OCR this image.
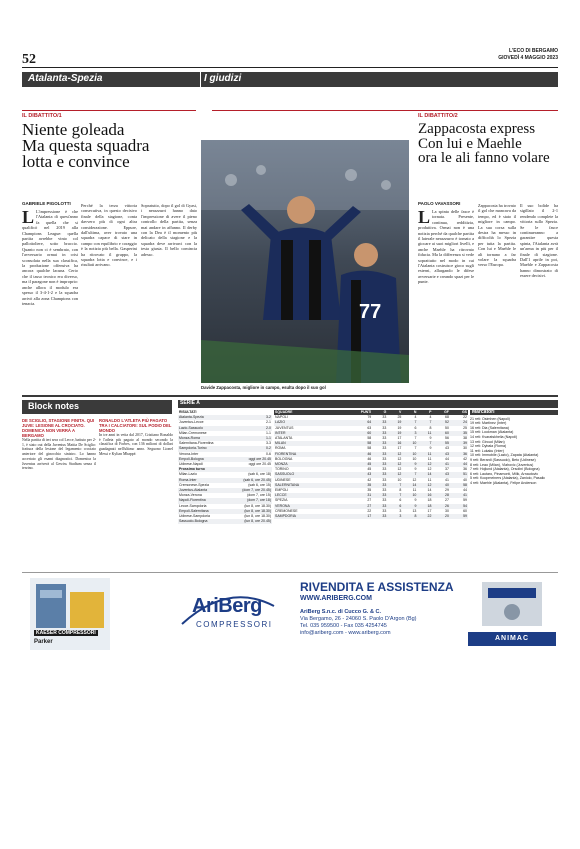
52
L'ECO DI BERGAMO
GIOVEDÌ 4 MAGGIO 2023
Atalanta-Spezia	I giudizi
IL DIBATTITO/1
Niente goleada
Ma questa squadra
lotta e convince
GABRIELE PIGOLOTTI
L L'impressione è che l'Atalanta di quest'anno fa quella che si qualificò nel 2019 alla Champions League: quella partita avrebbe vinto col pallottoliere, sotto braccio. Quanto non ci è sembrato, con l'avversario ormai in crisi sconsolata nella sua classifica, la produzione offensiva ha ancora qualche lacuna. Certo che il tasso tecnico era diverso, ma il paragone non è improprio: anche allora il modulo era spesso il 3-4-1-2 e la squadra arrivò alla zona Champions con tenacia.
Perché la terza vittoria consecutiva, in questo decisivo finale della stagione, conta davvero più di ogni altra considerazione. Eppure, dall'ultima, aver trovato una squadra capace di stare in campo con equilibrio e coraggio è la notizia più bella. Gasperini ha ritrovato il gruppo, la squadra lotta e convince, e i risultati arrivano.
Sopratutto, dopo il gol di Gyasi, i nerazzurri hanno dato l'impressione di avere il pieno controllo della partita, senza mai andare in affanno. Il derby con la Dea è il momento più delicato della stagione e la squadra deve arrivarci con la testa giusta. Il bello comincia adesso.
77
Davide Zappacosta, migliore in campo, esulta dopo il suo gol
IL DIBATTITO/2
Zappacosta express
Con lui e Maehle
ora le ali fanno volare
PAOLO VAVASSORI
L La spinta delle fasce è tornata. Presente, continua, redditizia, produttiva. Ormai non è una notizia perché da qualche partita il laterale nerazzurro è tornato a giocare ai suoi migliori livelli, e anche Maehle ha ritrovato fiducia. Ma la differenza si vede soprattutto nel modo in cui l'Atalanta costruisce gioco sugli esterni, allargando le difese avversarie e creando spazi per le punte.
Zappacosta ha trovato il gol che mancava da tempo, ed è stato il migliore in campo. La sua corsa sulla destra ha messo in difficoltà lo Spezia per tutta la partita. Con lui e Maehle le ali tornano a far volare la squadra verso l'Europa.
Il suo bolide ha sigillato il 2-1 rendendo complete la vittoria sullo Spezia. Se le fasce continueranno a garantire questa spinta, l'Atalanta avrà un'arma in più per il finale di stagione. Dall'1 aprile in poi, Maehle e Zappacosta hanno dimostrato di essere decisivi.
Block notes
DE SCIGLIO, STAGIONE FINITA. QUI JUVE: LESIONE AL CROCIATO. DOMENICA NON VERRÀ A BERGAMO
Nella partita di ieri sera col Lecce, battuto per 2-1, è stato out della Juventus Mattia De Sciglio: frattura della lesione del legamento crociato anteriore del ginocchio sinistro. Lo hanno accertato gli esami diagnostici. Domenica la Juventus arriverà al Gewiss Stadium senza il terzino.
RONALDO L'ATLETA PIÙ PAGATO TRA I CALCIATORI: SUL PODIO DEL MONDO
In tre anni in vetta dal 2017, Cristiano Ronaldo è l'atleta più pagato al mondo secondo la classifica di Forbes, con 136 milioni di dollari guadagnati nell'ultimo anno. Seguono Lionel Messi e Kylian Mbappé.
SERIE A
RISULTATI	
Atalanta-Spezia	3-2
Juventus-Lecce	2-1
Lazio-Sassuolo	2-0
Milan-Cremonese	1-1
Monza-Roma	1-1
Salernitana-Fiorentina	3-3
Sampdoria-Torino	0-2
Verona-Inter	0-6
Empoli-Bologna	oggi ore 20.45
Udinese-Napoli	oggi ore 20.45
Prossimo turno	
Milan-Lazio	(sab 6, ore 18)
Roma-Inter	(sab 6, ore 20.45)
Cremonese-Spezia	(sab 6, ore 15)
Juventus-Atalanta	(dom 7, ore 20.45)
Monza-Verona	(dom 7, ore 15)
Napoli-Fiorentina	(dom 7, ore 18)
Lecce-Sampdoria	(lun 8, ore 18.30)
Empoli-Salernitana	(lun 8, ore 18.30)
Udinese-Sampdoria	(lun 8, ore 18.30)
Sassuolo-Bologna	(lun 8, ore 20.45)
SQUADRE	PUNTI	G	V	N	P	GF	GS
NAPOLI	79	33	25	4	4	68	22
LAZIO	64	33	19	7	7	52	24
JUVENTUS	63	33	19	6	8	50	25
INTER	60	33	19	3	11	60	35
ATALANTA	58	33	17	7	9	56	38
MILAN	58	33	16	10	7	55	39
ROMA	58	33	17	7	9	43	30
FIORENTINA	46	33	12	10	11	43	36
BOLOGNA	46	33	12	10	11	44	42
MONZA	45	33	12	9	12	41	44
TORINO	45	33	12	9	12	37	36
SASSUOLO	43	33	12	7	14	43	51
UDINESE	42	33	10	12	11	41	40
SALERNITANA	35	33	7	14	12	40	58
EMPOLI	35	33	8	11	14	29	44
LECCE	31	33	7	10	16	28	41
SPEZIA	27	33	6	9	18	27	59
VERONA	27	33	6	9	18	26	54
CREMONESE	22	33	3	13	17	30	60
SAMPDORIA	17	33	3	8	22	20	59
Marcatori
21 reti: Osimhen (Napoli)
19 reti: Martinez (Inter)
16 reti: Dia (Salernitana)
15 reti: Lookman (Atalanta)
14 reti: Kvaratskhelia (Napoli)
13 reti: Giroud (Milan)
12 reti: Dybala (Roma)
11 reti: Lukaku (Inter)
10 reti: Immobile (Lazio), Zapata (Atalanta)
9 reti: Berardi (Sassuolo), Beto (Udinese)
8 reti: Leao (Milan), Vlahovic (Juventus)
7 reti: Hojlund (Atalanta), Orsolini (Bologna)
6 reti: Lautaro, Pinamonti, Milik, Arnautovic
5 reti: Koopmeiners (Atalanta), Zaniolo, Pasalic
4 reti: Maehle (Atalanta), Felipe Anderson
KAESER COMPRESSORI
Parker
AriBerg
COMPRESSORI
RIVENDITA E ASSISTENZA
WWW.ARIBERG.COM
AriBerg S.n.c. di Cucco G. & C.
Via Bergamo, 26 - 24060 S. Paolo D'Argon (Bg)
Tel. 035 959500 - Fax 035 4254745
info@ariberg.com - www.ariberg.com
ANIMAC
